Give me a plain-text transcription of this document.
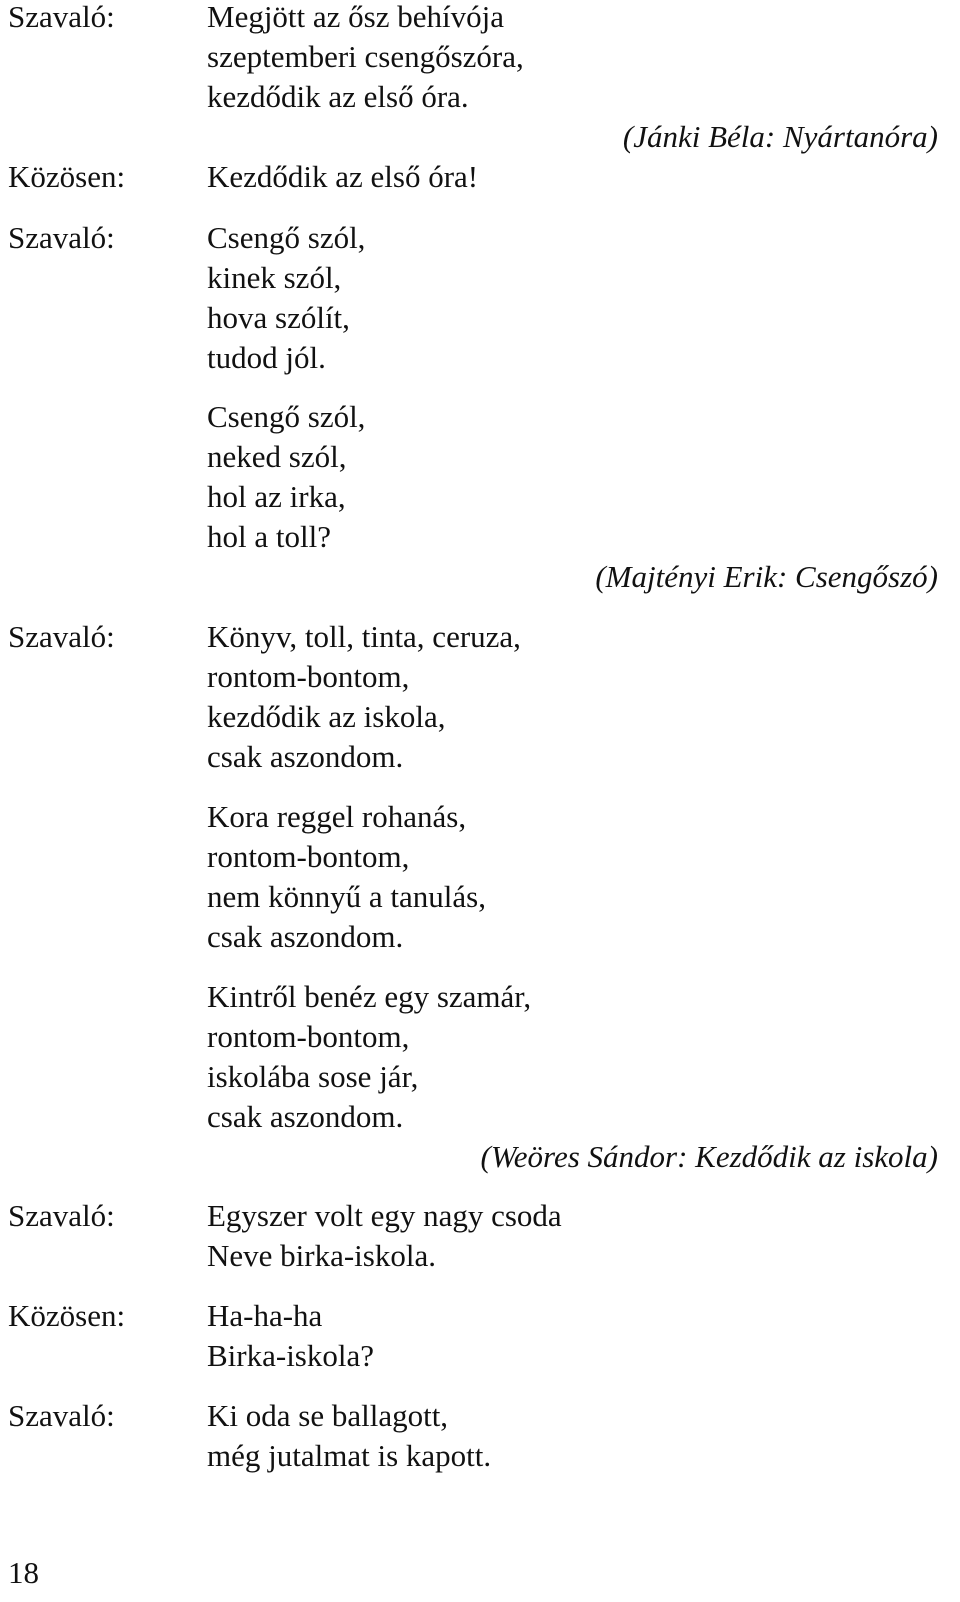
Szavaló:
Közösen:
Szavaló:
Szavaló:
Szavaló:
Közösen:
Szavaló:
Megjött az ősz behívója
szeptemberi csengőszóra,
kezdődik az első óra.
(Jánki Béla: Nyártanóra)
Kezdődik az első óra!
Csengő szól,
kinek szól,
hova szólít,
tudod jól.
Csengő szól,
neked szól,
hol az irka,
hol a toll?
(Majtényi Erik: Csengőszó)
Könyv, toll, tinta, ceruza,
rontom-bontom,
kezdődik az iskola,
csak aszondom.
Kora reggel rohanás,
rontom-bontom,
nem könnyű a tanulás,
csak aszondom.
Kintről benéz egy szamár,
rontom-bontom,
iskolába sose jár,
csak aszondom.
(Weöres Sándor: Kezdődik az iskola)
Egyszer volt egy nagy csoda
Neve birka-iskola.
Ha-ha-ha
Birka-iskola?
Ki oda se ballagott,
még jutalmat is kapott.
18
